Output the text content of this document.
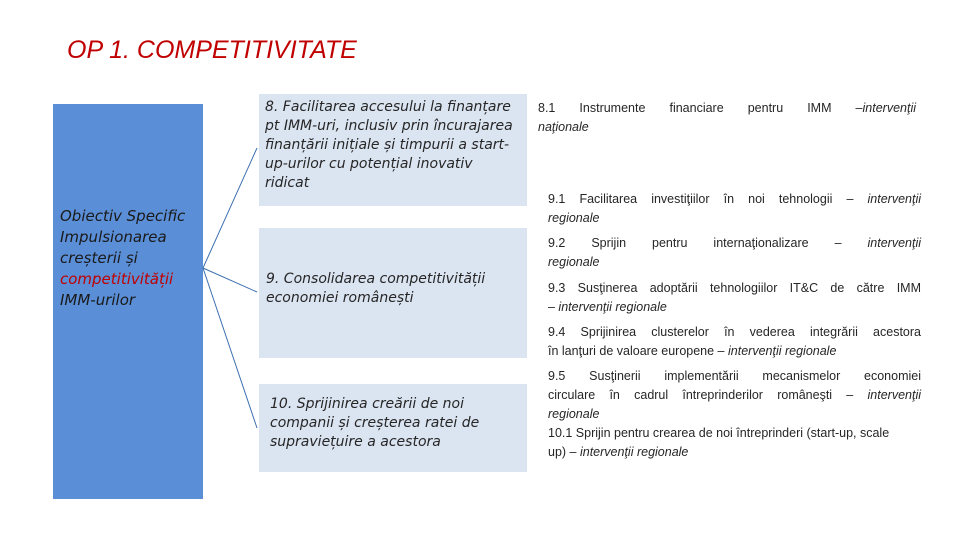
OP 1. COMPETITIVITATE
Obiectiv Specific
Impulsionarea
creșterii și
competitivității
IMM-urilor
8. Facilitarea accesului la finanțare pt IMM-uri, inclusiv prin încurajarea finanțării inițiale și timpurii a start-up-urilor cu potențial inovativ ridicat
9. Consolidarea competitivității economiei românești
10. Sprijinirea creării de noi companii și creșterea ratei de supraviețuire a acestora
8.1 Instrumente financiare pentru IMM –intervenţii
naţionale
9.1 Facilitarea investiţiilor în noi tehnologii – intervenţii
regionale
9.2 Sprijin pentru internaţionalizare – intervenţii
regionale
9.3 Susţinerea adoptării tehnologiilor IT&C de către IMM
– intervenţii regionale
9.4 Sprijinirea clusterelor în vederea integrării acestora
în lanţuri de valoare europene – intervenţii regionale
9.5 Susţinerii implementării mecanismelor economiei
circulare în cadrul întreprinderilor româneşti – intervenţii
regionale
10.1 Sprijin pentru crearea de noi întreprinderi (start-up, scale
up) – intervenţii regionale
